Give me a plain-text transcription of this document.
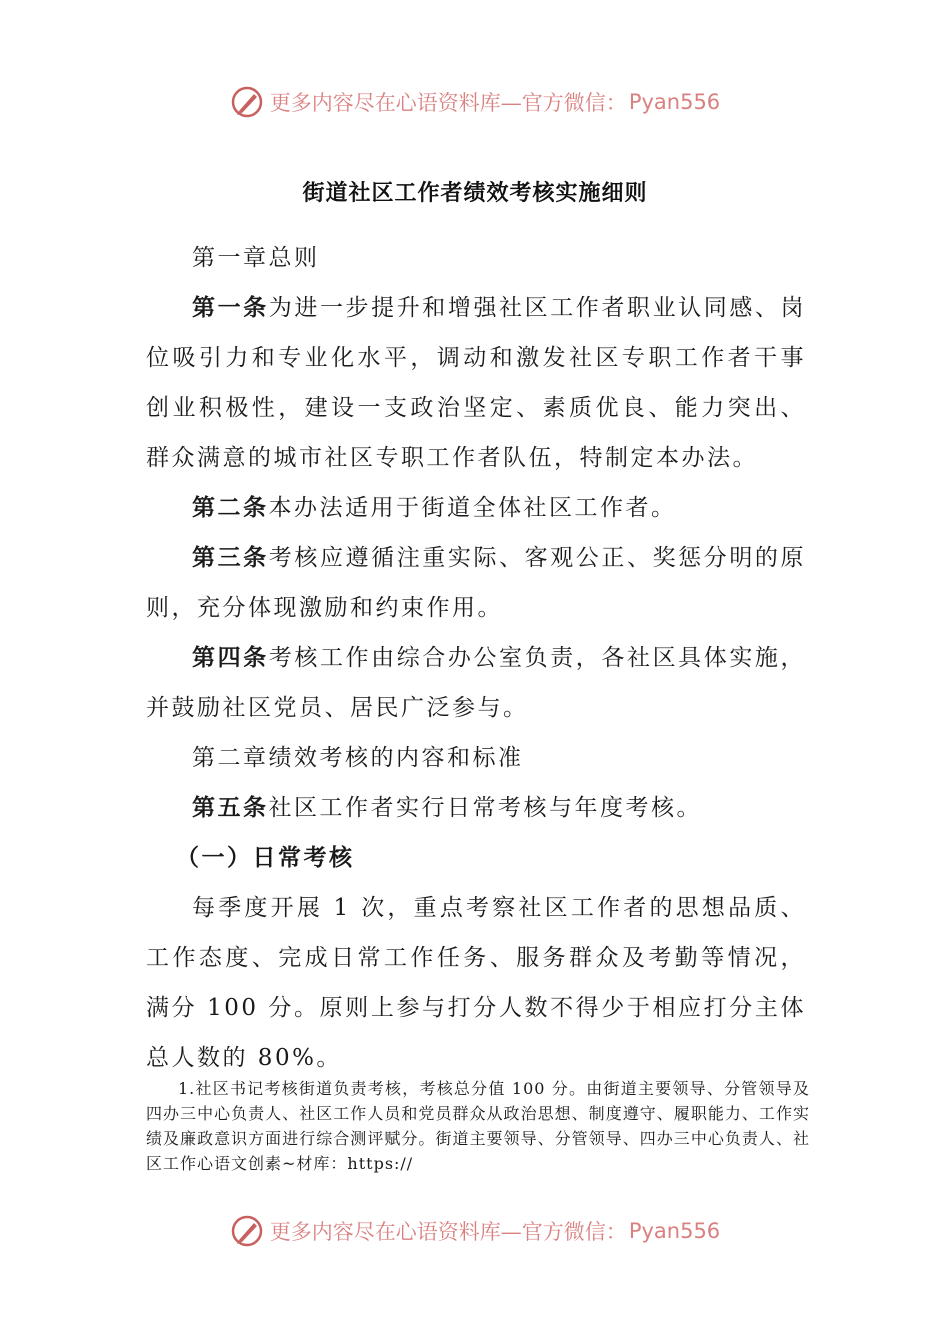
更多内容尽在心语资料库—官方微信： Pyan556
街道社区工作者绩效考核实施细则

第一章总则

第一条为进一步提升和增强社区工作者职业认同感、岗位吸引力和专业化水平，调动和激发社区专职工作者干事创业积极性，建设一支政治坚定、素质优良、能力突出、群众满意的城市社区专职工作者队伍，特制定本办法。

第二条本办法适用于街道全体社区工作者。

第三条考核应遵循注重实际、客观公正、奖惩分明的原则，充分体现激励和约束作用。

第四条考核工作由综合办公室负责，各社区具体实施，并鼓励社区党员、居民广泛参与。

第二章绩效考核的内容和标准

第五条社区工作者实行日常考核与年度考核。

（一）日常考核

每季度开展 1 次，重点考察社区工作者的思想品质、工作态度、完成日常工作任务、服务群众及考勤等情况，满分 100 分。原则上参与打分人数不得少于相应打分主体总人数的 80%。

1.社区书记考核街道负责考核，考核总分值 100 分。由街道主要领导、分管领导及四办三中心负责人、社区工作人员和党员群众从政治思想、制度遵守、履职能力、工作实绩及廉政意识方面进行综合测评赋分。街道主要领导、分管领导、四办三中心负责人、社区工作心语文创素~材库：https://
更多内容尽在心语资料库—官方微信： Pyan556
